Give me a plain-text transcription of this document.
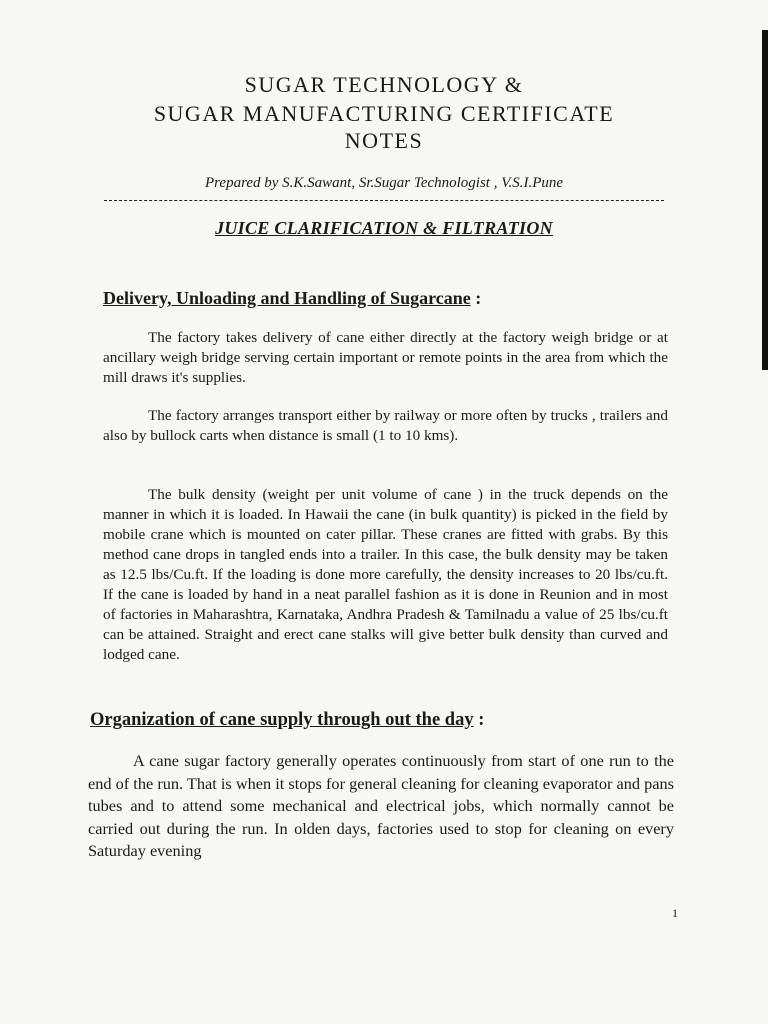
SUGAR TECHNOLOGY &
SUGAR MANUFACTURING CERTIFICATE
NOTES
Prepared by S.K.Sawant, Sr.Sugar Technologist , V.S.I.Pune
JUICE CLARIFICATION & FILTRATION
Delivery, Unloading and Handling of Sugarcane :

The factory takes delivery of cane either directly at the factory weigh bridge or at ancillary weigh bridge serving certain important or remote points in the area from which the mill draws it's supplies.

The factory arranges transport either by railway or more often by trucks , trailers and also by bullock carts when distance is small (1 to 10 kms).

The bulk density (weight per unit volume of cane ) in the truck depends on the manner in which it is loaded. In Hawaii the cane (in bulk quantity) is picked in the field by mobile crane which is mounted on cater pillar. These cranes are fitted with grabs. By this method cane drops in tangled ends into a trailer. In this case, the bulk density may be taken as 12.5 lbs/Cu.ft. If the loading is done more carefully, the density increases to 20 lbs/cu.ft. If the cane is loaded by hand in a neat parallel fashion as it is done in Reunion and in most of factories in Maharashtra, Karnataka, Andhra Pradesh & Tamilnadu a value of 25 lbs/cu.ft can be attained. Straight and erect cane stalks will give better bulk density than curved and lodged cane.

Organization of cane supply through out the day :

A cane sugar factory generally operates continuously from start of one run to the end of the run. That is when it stops for general cleaning for cleaning evaporator and pans tubes and to attend some mechanical and electrical jobs, which normally cannot be carried out during the run. In olden days, factories used to stop for cleaning on every Saturday evening

1
